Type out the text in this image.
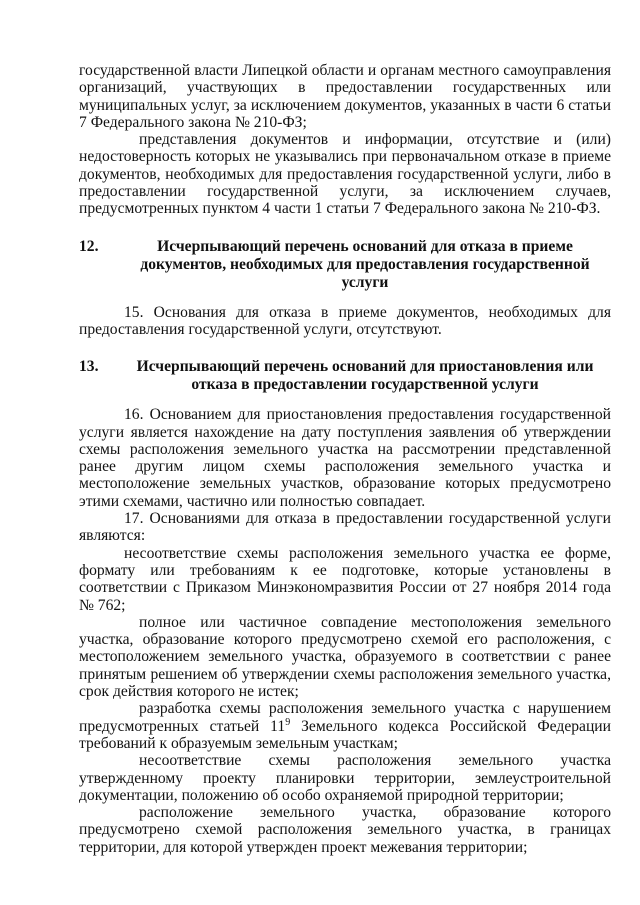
государственной власти Липецкой области и органам местного самоуправления организаций, участвующих в предоставлении государственных или муниципальных услуг, за исключением документов, указанных в части 6 статьи 7 Федерального закона № 210-ФЗ;

представления документов и информации, отсутствие и (или) недостоверность которых не указывались при первоначальном отказе в приеме документов, необходимых для предоставления государственной услуги, либо в предоставлении государственной услуги, за исключением случаев, предусмотренных пунктом 4 части 1 статьи 7 Федерального закона № 210-ФЗ.

12.	Исчерпывающий перечень оснований для отказа в приеме документов, необходимых для предоставления государственной услуги

15. Основания для отказа в приеме документов, необходимых для предоставления государственной услуги, отсутствуют.

13.	Исчерпывающий перечень оснований для приостановления или отказа в предоставлении государственной услуги

16. Основанием для приостановления предоставления государственной услуги является нахождение на дату поступления заявления об утверждении схемы расположения земельного участка на рассмотрении представленной ранее другим лицом схемы расположения земельного участка и местоположение земельных участков, образование которых предусмотрено этими схемами, частично или полностью совпадает.

17. Основаниями для отказа в предоставлении государственной услуги являются:

несоответствие схемы расположения земельного участка ее форме, формату или требованиям к ее подготовке, которые установлены в соответствии с Приказом Минэкономразвития России от 27 ноября 2014 года № 762;

полное или частичное совпадение местоположения земельного участка, образование которого предусмотрено схемой его расположения, с местоположением земельного участка, образуемого в соответствии с ранее принятым решением об утверждении схемы расположения земельного участка, срок действия которого не истек;

разработка схемы расположения земельного участка с нарушением предусмотренных статьей $11^9$ Земельного кодекса Российской Федерации требований к образуемым земельным участкам;

несоответствие схемы расположения земельного участка утвержденному проекту планировки территории, землеустроительной документации, положению об особо охраняемой природной территории;

расположение земельного участка, образование которого предусмотрено схемой расположения земельного участка, в границах территории, для которой утвержден проект межевания территории;
